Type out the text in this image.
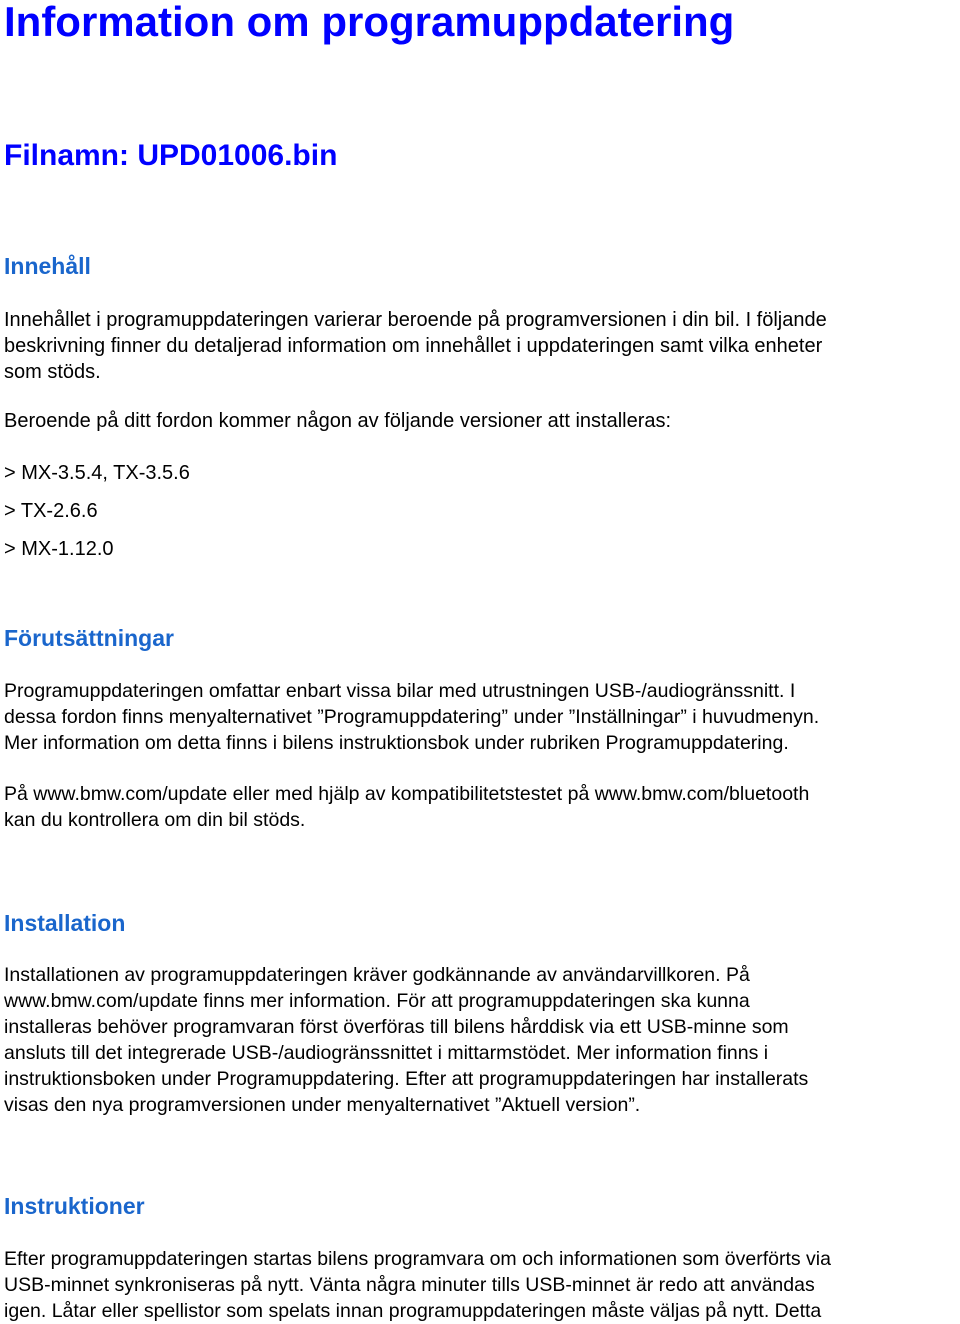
Information om programuppdatering
Filnamn: UPD01006.bin
Innehåll
Innehållet i programuppdateringen varierar beroende på programversionen i din bil. I följande
beskrivning finner du detaljerad information om innehållet i uppdateringen samt vilka enheter
som stöds.
Beroende på ditt fordon kommer någon av följande versioner att installeras:
> MX-3.5.4, TX-3.5.6
> TX-2.6.6
> MX-1.12.0
Förutsättningar
Programuppdateringen omfattar enbart vissa bilar med utrustningen USB-/audiogränssnitt. I
dessa fordon finns menyalternativet ”Programuppdatering” under ”Inställningar” i huvudmenyn.
Mer information om detta finns i bilens instruktionsbok under rubriken Programuppdatering.
På www.bmw.com/update eller med hjälp av kompatibilitetstestet på www.bmw.com/bluetooth
kan du kontrollera om din bil stöds.
Installation
Installationen av programuppdateringen kräver godkännande av användarvillkoren. På
www.bmw.com/update finns mer information. För att programuppdateringen ska kunna
installeras behöver programvaran först överföras till bilens hårddisk via ett USB-minne som
ansluts till det integrerade USB-/audiogränssnittet i mittarmstödet. Mer information finns i
instruktionsboken under Programuppdatering. Efter att programuppdateringen har installerats
visas den nya programversionen under menyalternativet ”Aktuell version”.
Instruktioner
Efter programuppdateringen startas bilens programvara om och informationen som överförts via
USB-minnet synkroniseras på nytt. Vänta några minuter tills USB-minnet är redo att användas
igen. Låtar eller spellistor som spelats innan programuppdateringen måste väljas på nytt. Detta
